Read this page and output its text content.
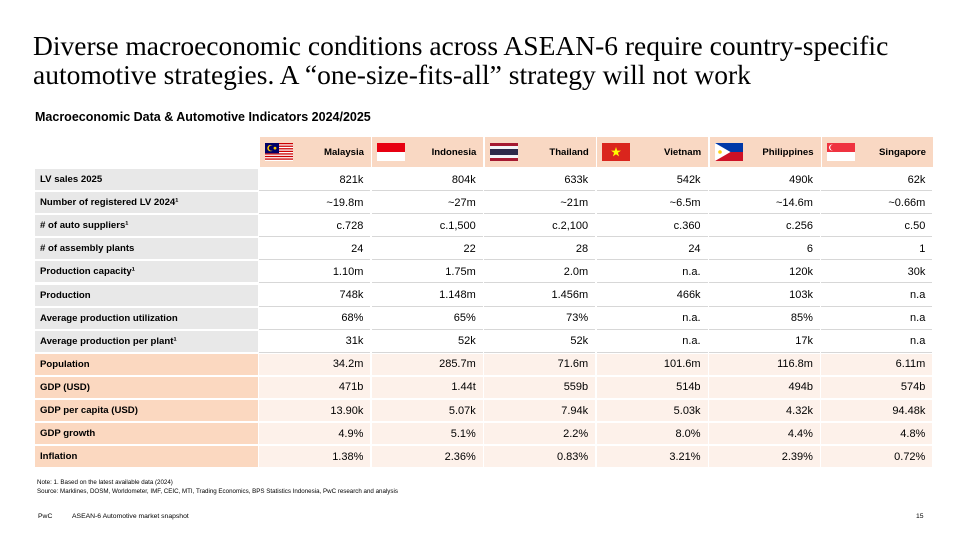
Diverse macroeconomic conditions across ASEAN-6 require country-specific automotive strategies. A “one-size-fits-all” strategy will not work
Macroeconomic Data & Automotive Indicators 2024/2025
Malaysia	Indonesia	Thailand	Vietnam	Philippines	Singapore
LV sales 2025	821k	804k	633k	542k	490k	62k
Number of registered LV 2024¹	~19.8m	~27m	~21m	~6.5m	~14.6m	~0.66m
# of auto suppliers¹	c.728	c.1,500	c.2,100	c.360	c.256	c.50
# of assembly plants	24	22	28	24	6	1
Production capacity¹	1.10m	1.75m	2.0m	n.a.	120k	30k
Production	748k	1.148m	1.456m	466k	103k	n.a
Average production utilization	68%	65%	73%	n.a.	85%	n.a
Average production per plant¹	31k	52k	52k	n.a.	17k	n.a
Population	34.2m	285.7m	71.6m	101.6m	116.8m	6.11m
GDP (USD)	471b	1.44t	559b	514b	494b	574b
GDP per capita (USD)	13.90k	5.07k	7.94k	5.03k	4.32k	94.48k
GDP growth	4.9%	5.1%	2.2%	8.0%	4.4%	4.8%
Inflation	1.38%	2.36%	0.83%	3.21%	2.39%	0.72%
Note: 1. Based on the latest available data (2024)
Source: Marklines, DOSM, Worldometer, IMF, CEIC, MTI, Trading Economics, BPS Statistics Indonesia, PwC research and analysis
PwC	ASEAN-6 Automotive market snapshot	15
